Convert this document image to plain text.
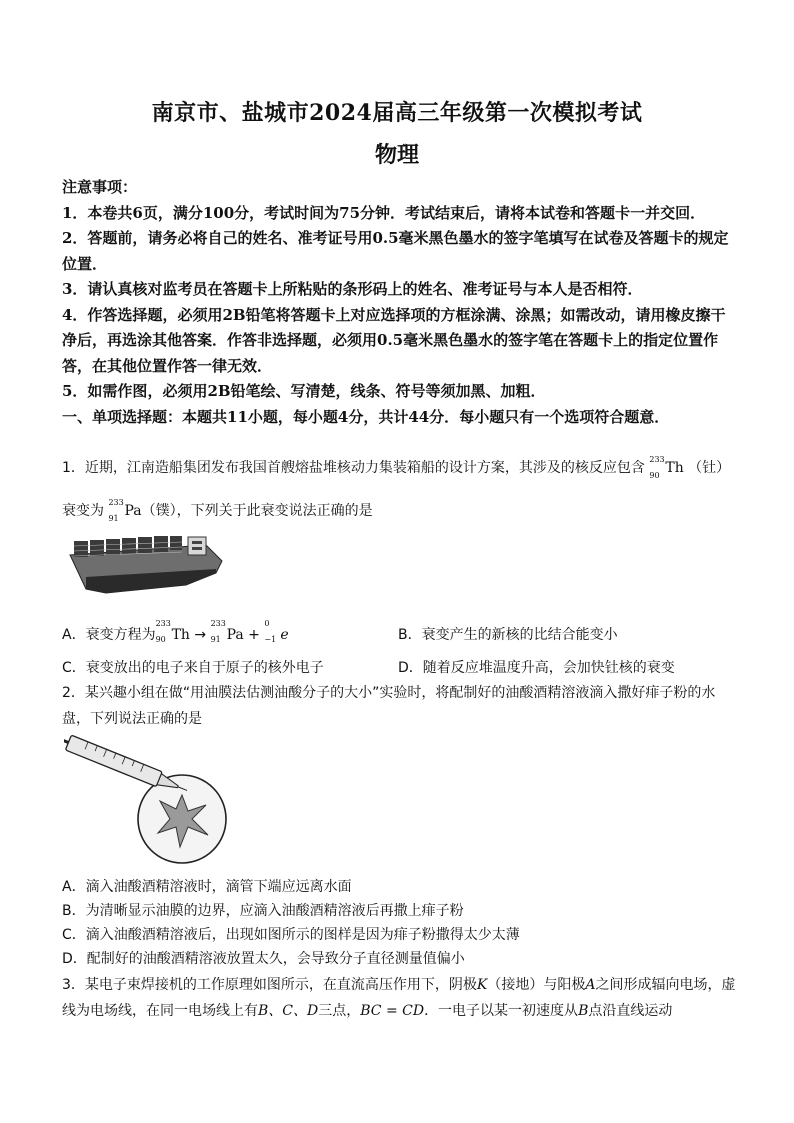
南京市、盐城市2024届高三年级第一次模拟考试
物理

注意事项：

1．本卷共6页，满分100分，考试时间为75分钟．考试结束后，请将本试卷和答题卡一并交回．

2．答题前，请务必将自己的姓名、准考证号用0.5毫米黑色墨水的签字笔填写在试卷及答题卡的规定位置．

3．请认真核对监考员在答题卡上所粘贴的条形码上的姓名、准考证号与本人是否相符．

4．作答选择题，必须用2B铅笔将答题卡上对应选择项的方框涂满、涂黑；如需改动，请用橡皮擦干净后，再选涂其他答案．作答非选择题，必须用0.5毫米黑色墨水的签字笔在答题卡上的指定位置作答，在其他位置作答一律无效．

5．如需作图，必须用2B铅笔绘、写清楚，线条、符号等须加黑、加粗．

一、单项选择题：本题共11小题，每小题4分，共计44分．每小题只有一个选项符合题意．

1．近期，江南造船集团发布我国首艘熔盐堆核动力集装箱船的设计方案，其涉及的核反应包含
233
90 Th （钍）
衰变为
233
91 Pa（镤），下列关于此衰变说法正确的是
A．衰变方程为
233
90 Th →
233
91 Pa +
0
−1 e	B．衰变产生的新核的比结合能变小
C．衰变放出的电子来自于原子的核外电子	D．随着反应堆温度升高，会加快钍核的衰变
2．某兴趣小组在做“用油膜法估测油酸分子的大小”实验时，将配制好的油酸酒精溶液滴入撒好痱子粉的水盘，下列说法正确的是

A．滴入油酸酒精溶液时，滴管下端应远离水面

B．为清晰显示油膜的边界，应滴入油酸酒精溶液后再撒上痱子粉

C．滴入油酸酒精溶液后，出现如图所示的图样是因为痱子粉撒得太少太薄

D．配制好的油酸酒精溶液放置太久，会导致分子直径测量值偏小

3．某电子束焊接机的工作原理如图所示，在直流高压作用下，阴极K（接地）与阳极A之间形成辐向电场，虚线为电场线，在同一电场线上有B、C、D三点，BC = CD．一电子以某一初速度从B点沿直线运动
